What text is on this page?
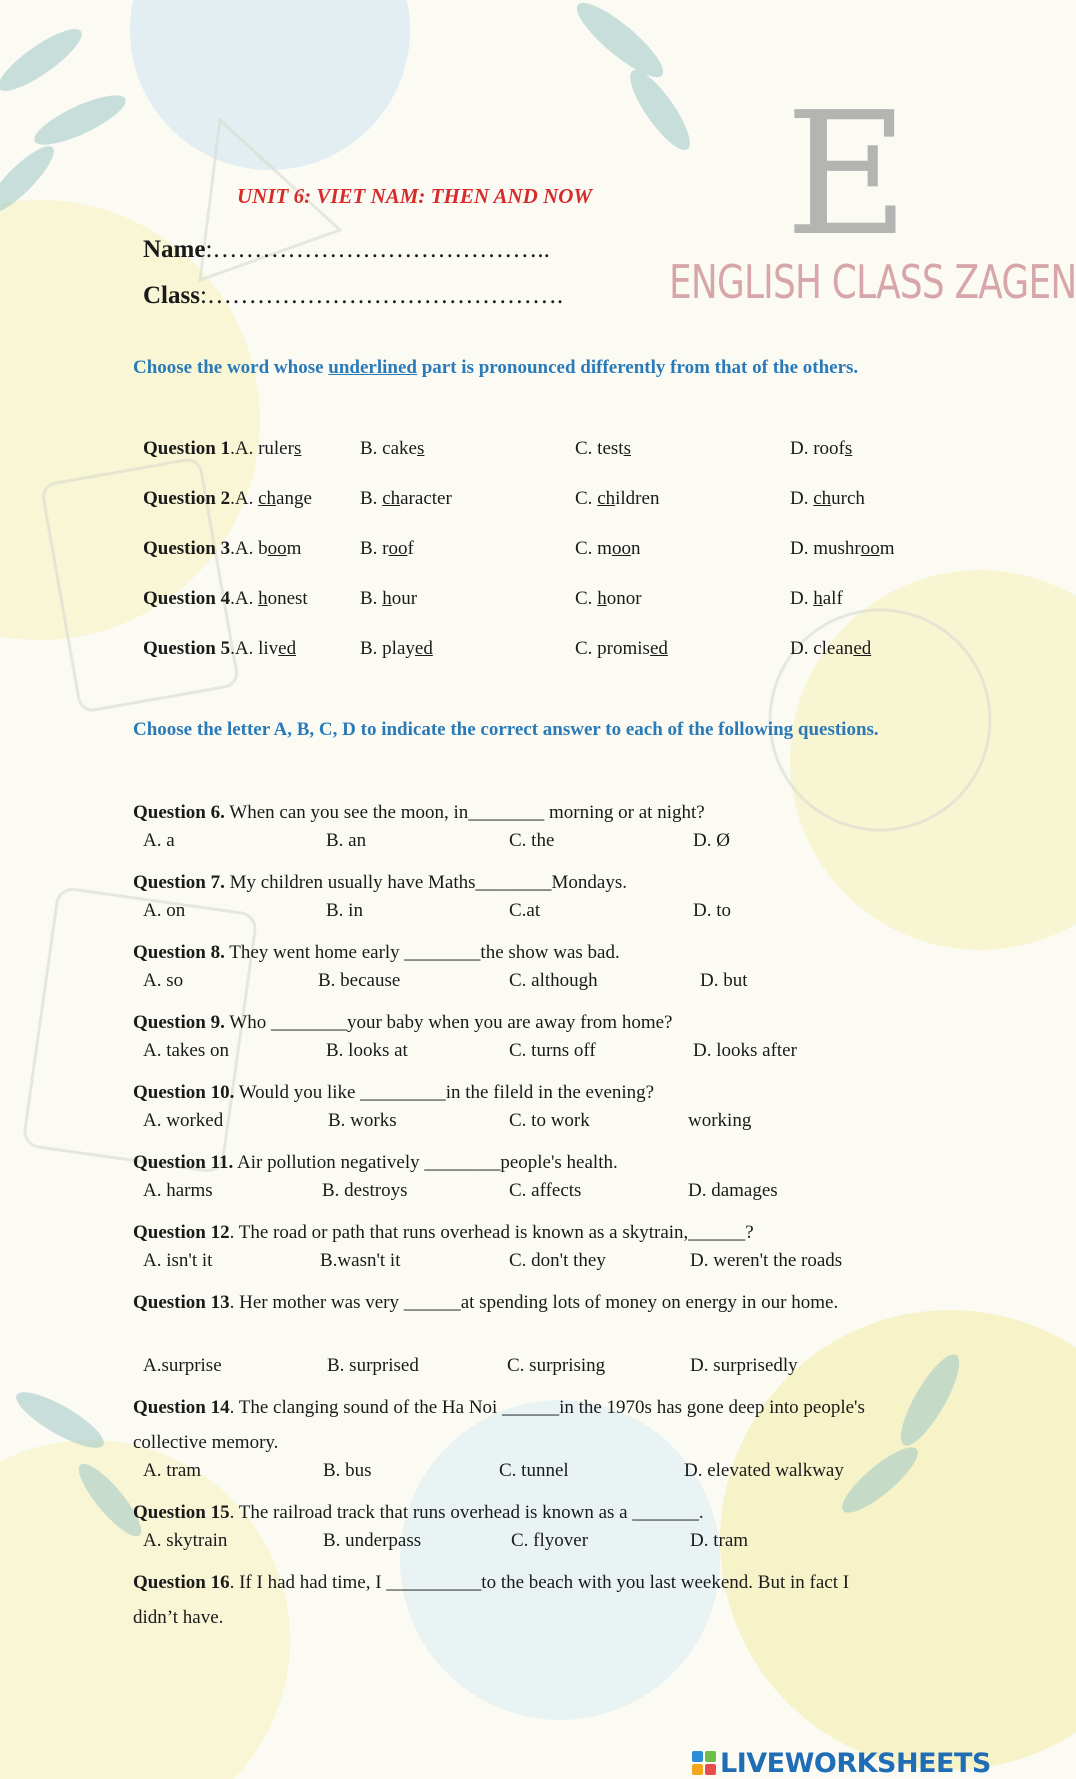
E
ENGLISH CLASS ZAGEN
UNIT 6: VIET NAM: THEN AND NOW
Name:…………………………………..
Class:…………………………………….
Choose the word whose underlined part is pronounced differently from that of the others.
Question 1.A. rulers	B. cakes	C. tests	D. roofs
Question 2.A. change	B. character	C. children	D. church
Question 3.A. boom	B. roof	C. moon	D. mushroom
Question 4.A. honest	B. hour	C. honor	D. half
Question 5.A. lived	B. played	C. promised	D. cleaned
Choose the letter A, B, C, D to indicate the correct answer to each of the following questions.
Question 6. When can you see the moon, in________ morning or at night?
A. a	B. an	C. the	D. Ø
Question 7. My children usually have Maths________Mondays.
A. on	B. in	C.at	D. to
Question 8. They went home early ________the show was bad.
A. so	B. because	C. although	D. but
Question 9. Who ________your baby when you are away from home?
A. takes on	B. looks at	C. turns off	D. looks after
Question 10. Would you like _________in the fileld in the evening?
A. worked	B. works	C. to work	working
Question 11. Air pollution negatively ________people's health.
A. harms	B. destroys	C. affects	D. damages
Question 12. The road or path that runs overhead is known as a skytrain,______?
A. isn't it	B.wasn't it	C. don't they	D. weren't the roads
Question 13. Her mother was very ______at spending lots of money on energy in our home.
A.surprise	B. surprised	C. surprising	D. surprisedly
Question 14. The clanging sound of the Ha Noi ______in the 1970s has gone deep into people's collective memory.
A. tram	B. bus	C. tunnel	D. elevated walkway
Question 15. The railroad track that runs overhead is known as a _______.
A. skytrain	B. underpass	C. flyover	D. tram
Question 16. If I had had time, I __________to the beach with you last weekend. But in fact I didn’t have.
LIVEWORKSHEETS
